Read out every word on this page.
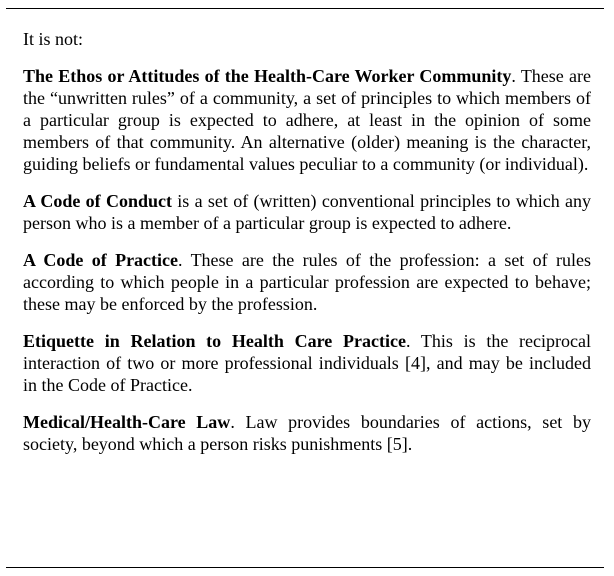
It is not:

The Ethos or Attitudes of the Health-Care Worker Community. These are the “unwritten rules” of a community, a set of principles to which members of a particular group is expected to adhere, at least in the opinion of some members of that community. An alternative (older) meaning is the character, guiding beliefs or fundamental values peculiar to a community (or individual).

A Code of Conduct is a set of (written) conventional principles to which any person who is a member of a particular group is expected to adhere.

A Code of Practice. These are the rules of the profession: a set of rules according to which people in a particular profession are expected to behave; these may be enforced by the profession.

Etiquette in Relation to Health Care Practice. This is the reciprocal interaction of two or more professional individuals [4], and may be included in the Code of Practice.

Medical/Health-Care Law. Law provides boundaries of actions, set by society, beyond which a person risks punishments [5].
